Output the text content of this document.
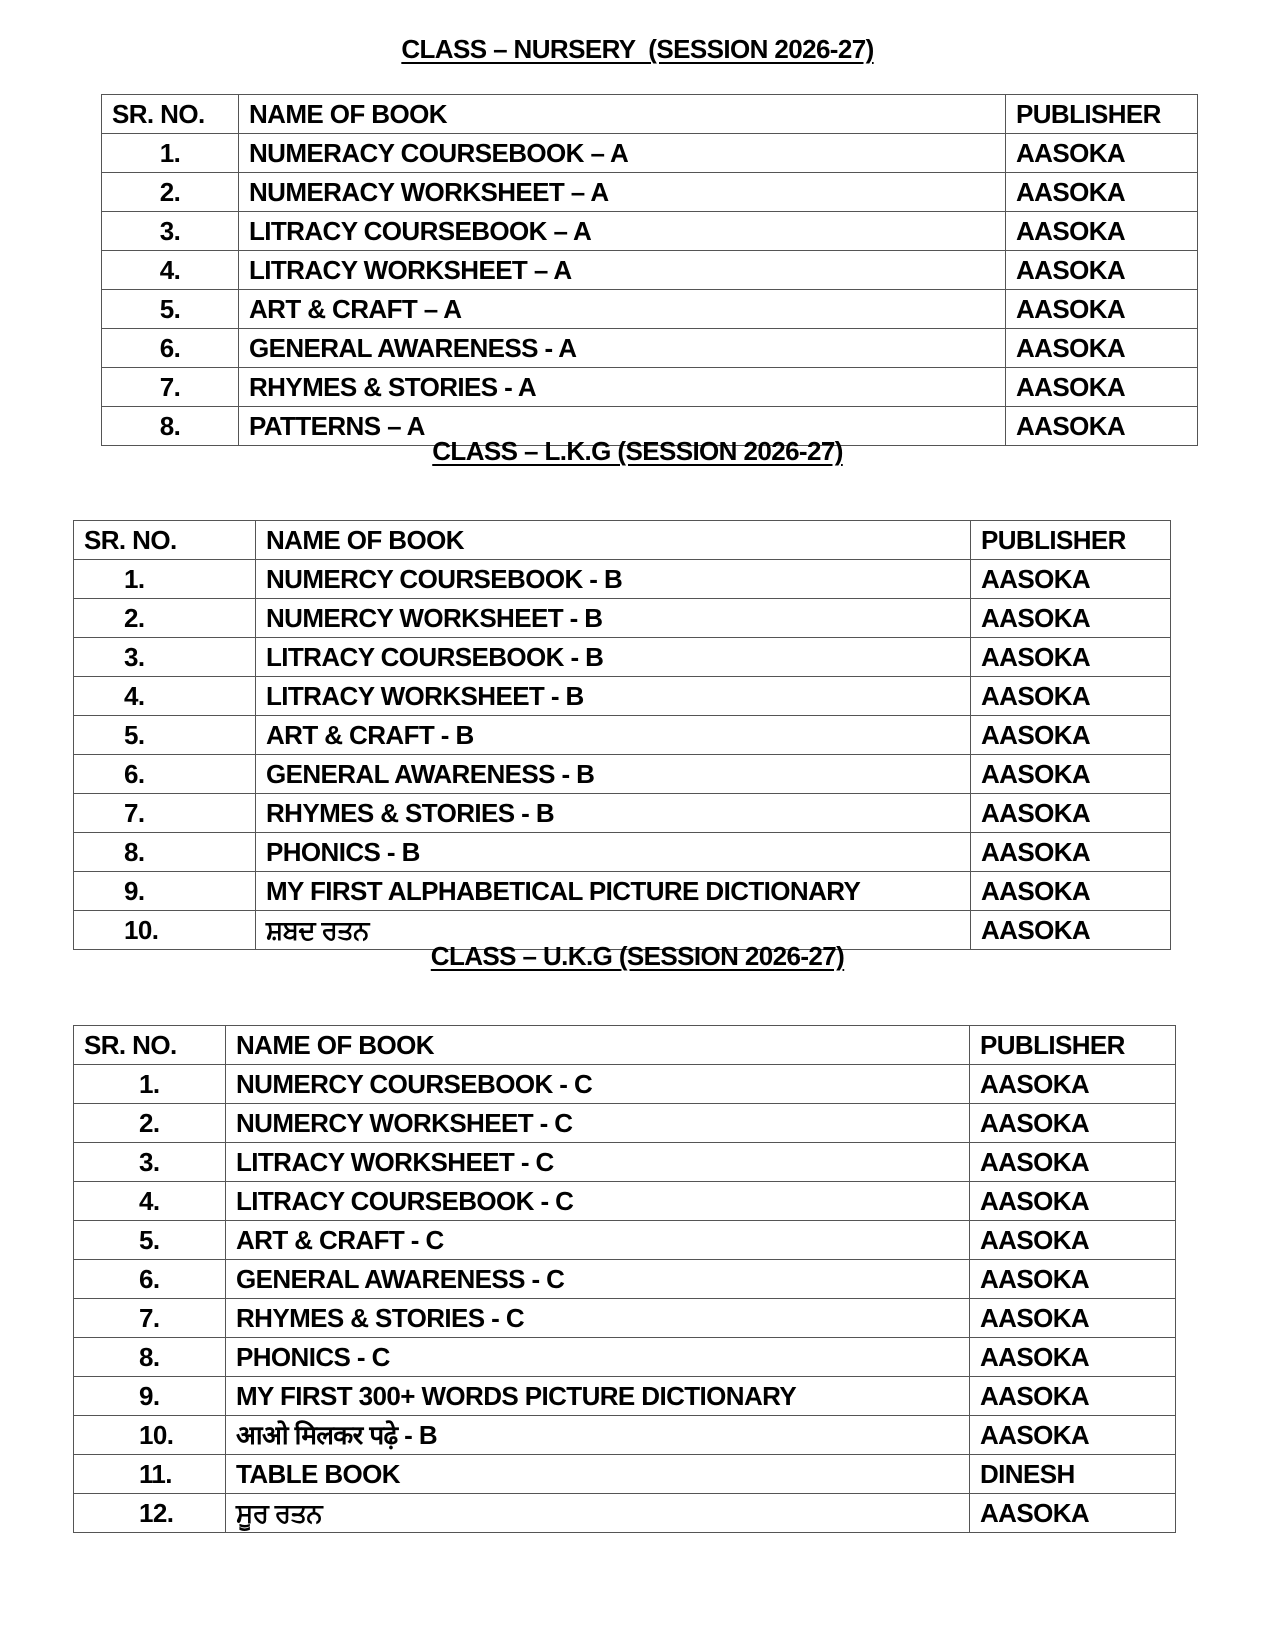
CLASS – NURSERY  (SESSION 2026-27)
SR. NO.	NAME OF BOOK	PUBLISHER
1.	NUMERACY COURSEBOOK – A	AASOKA
2.	NUMERACY WORKSHEET – A	AASOKA
3.	LITRACY COURSEBOOK – A	AASOKA
4.	LITRACY WORKSHEET – A	AASOKA
5.	ART & CRAFT – A	AASOKA
6.	GENERAL AWARENESS - A	AASOKA
7.	RHYMES & STORIES - A	AASOKA
8.	PATTERNS – A	AASOKA
CLASS – L.K.G (SESSION 2026-27)
SR. NO.	NAME OF BOOK	PUBLISHER
1.	NUMERCY COURSEBOOK - B	AASOKA
2.	NUMERCY WORKSHEET - B	AASOKA
3.	LITRACY COURSEBOOK - B	AASOKA
4.	LITRACY WORKSHEET - B	AASOKA
5.	ART & CRAFT - B	AASOKA
6.	GENERAL AWARENESS - B	AASOKA
7.	RHYMES & STORIES - B	AASOKA
8.	PHONICS - B	AASOKA
9.	MY FIRST ALPHABETICAL PICTURE DICTIONARY	AASOKA
10.	ਸ਼ਬਦ ਰਤਨ	AASOKA
CLASS – U.K.G (SESSION 2026-27)
SR. NO.	NAME OF BOOK	PUBLISHER
1.	NUMERCY COURSEBOOK - C	AASOKA
2.	NUMERCY WORKSHEET - C	AASOKA
3.	LITRACY WORKSHEET - C	AASOKA
4.	LITRACY COURSEBOOK - C	AASOKA
5.	ART & CRAFT - C	AASOKA
6.	GENERAL AWARENESS - C	AASOKA
7.	RHYMES & STORIES - C	AASOKA
8.	PHONICS - C	AASOKA
9.	MY FIRST 300+ WORDS PICTURE DICTIONARY	AASOKA
10.	आओ मिलकर पढ़े - B	AASOKA
11.	TABLE BOOK	DINESH
12.	ਸੂਰ ਰਤਨ	AASOKA
